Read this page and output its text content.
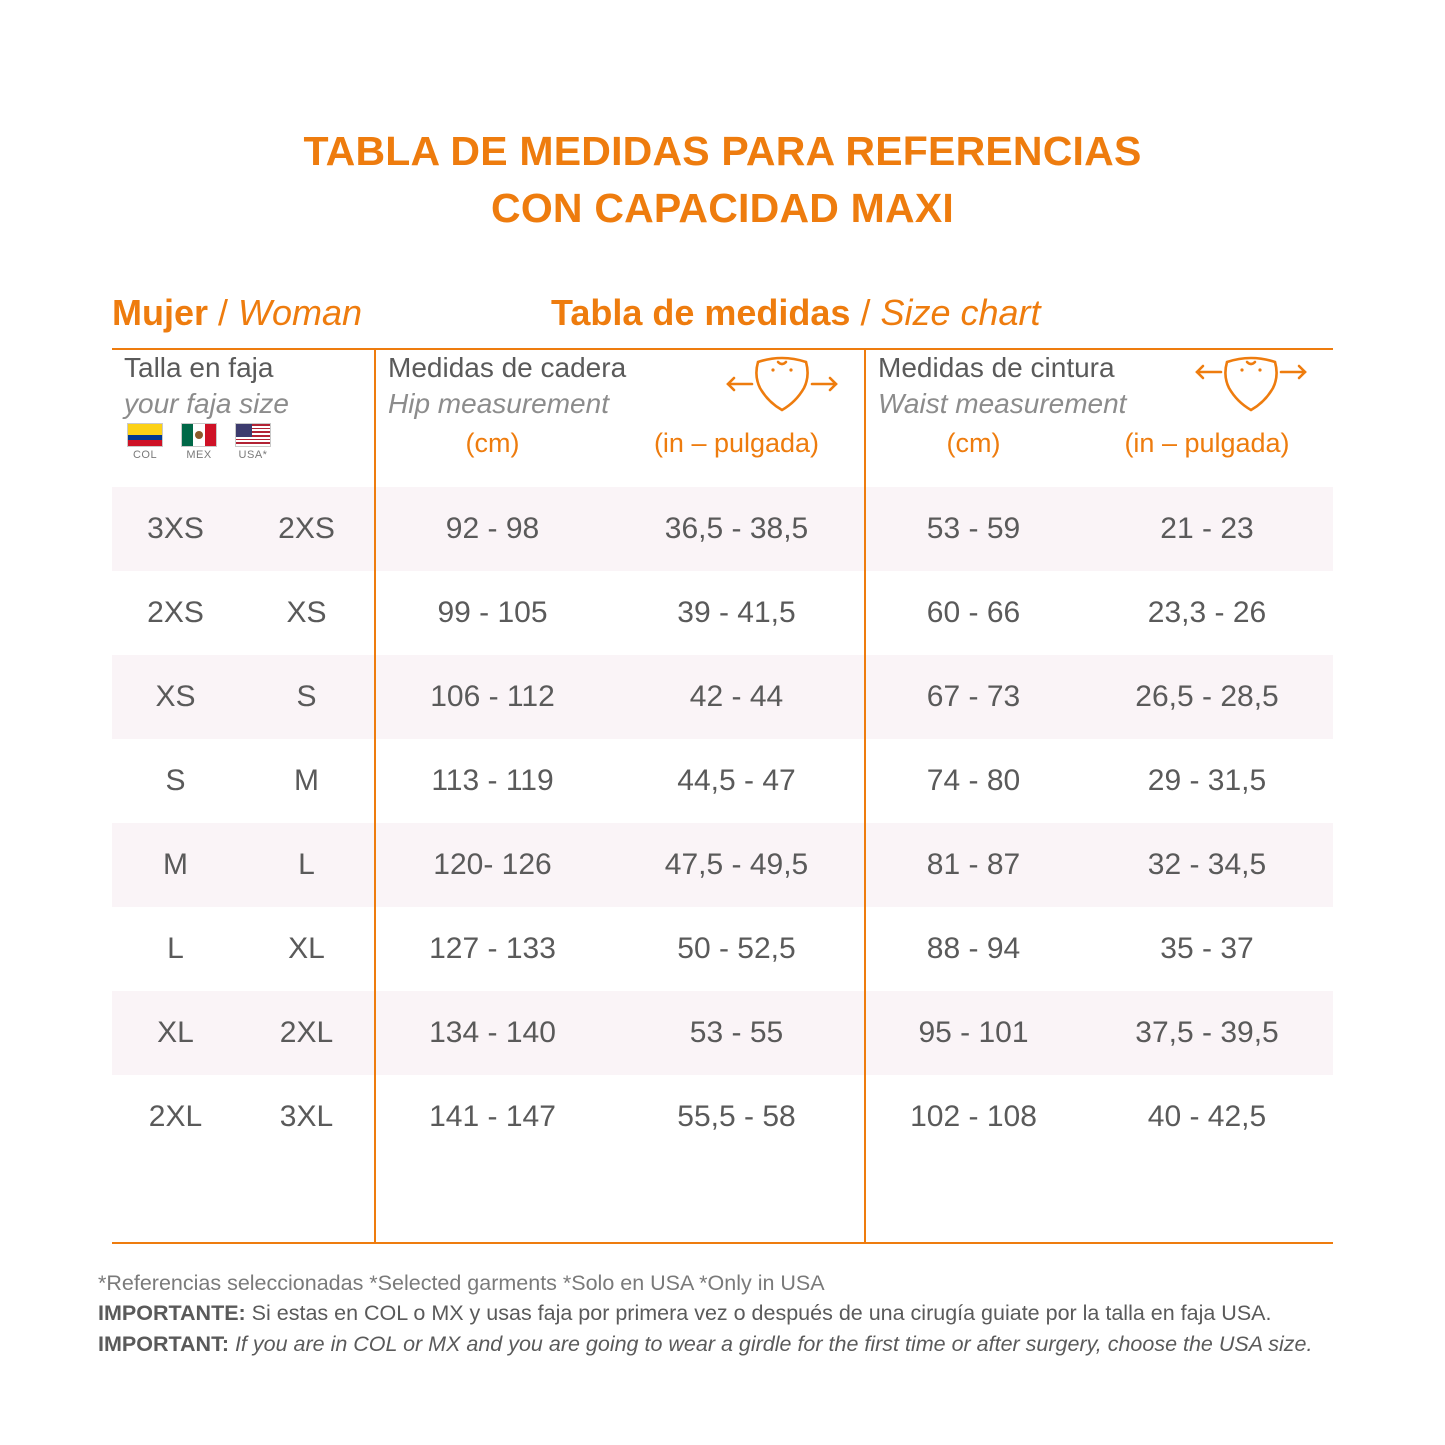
TABLA DE MEDIDAS PARA REFERENCIAS
CON CAPACIDAD MAXI
Mujer / Woman	Tabla de medidas / Size chart
Talla en faja
your faja size		Medidas de cadera
Hip measurement		Medidas de cintura
Waist measurement	

COL MEX USA*		(cm)	(in – pulgada)	(cm)	(in – pulgada)
3XS	2XS	92 - 98	36,5 - 38,5	53 - 59	21 - 23
2XS	XS	99 - 105	39 - 41,5	60 - 66	23,3 - 26
XS	S	106 - 112	42 - 44	67 - 73	26,5 - 28,5
S	M	113 - 119	44,5 - 47	74 - 80	29 - 31,5
M	L	120- 126	47,5 - 49,5	81 - 87	32 - 34,5
L	XL	127 - 133	50 - 52,5	88 - 94	35 - 37
XL	2XL	134 - 140	53 - 55	95 - 101	37,5 - 39,5
2XL	3XL	141 - 147	55,5 - 58	102 - 108	40 - 42,5

*Referencias seleccionadas *Selected garments *Solo en USA *Only in USA
IMPORTANTE: Si estas en COL o MX y usas faja por primera vez o después de una cirugía guiate por la talla en faja USA.
IMPORTANT: If you are in COL or MX and you are going to wear a girdle for the first time or after surgery, choose the USA size.
